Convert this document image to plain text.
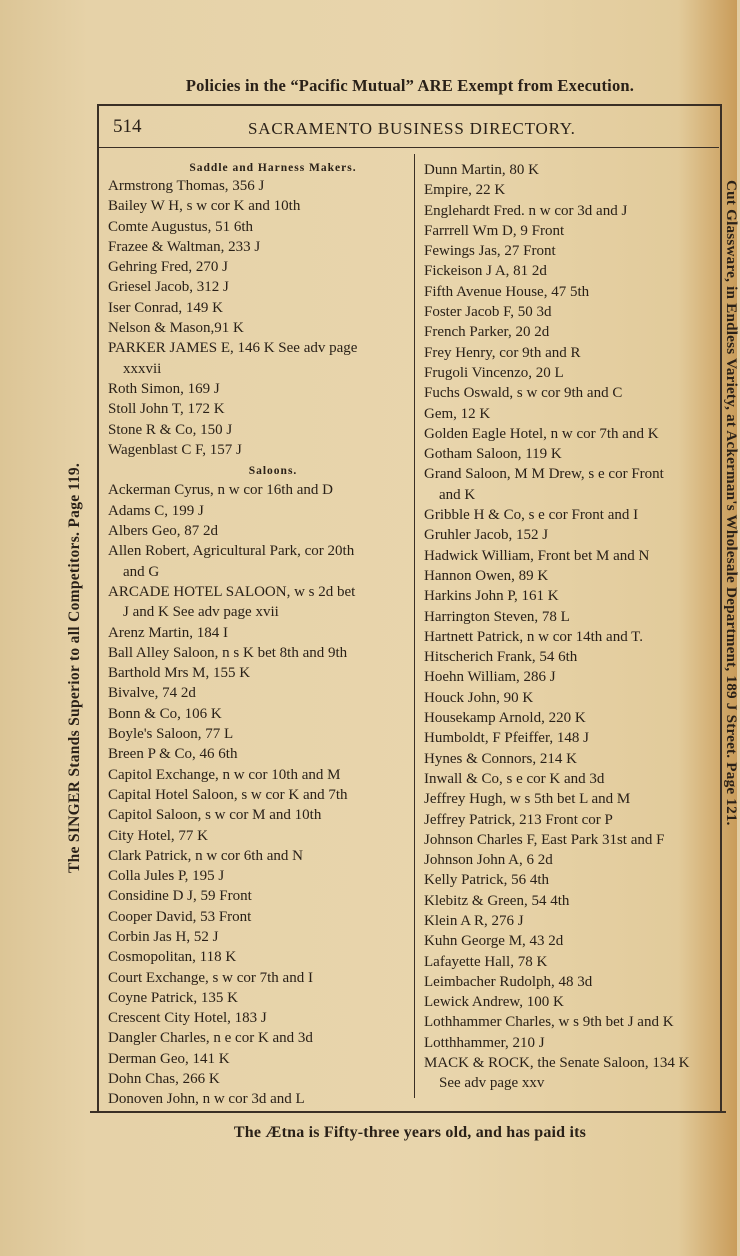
Policies in the “Pacific Mutual” ARE Exempt from Execution.
514	SACRAMENTO BUSINESS DIRECTORY.
Saddle and Harness Makers.
Armstrong Thomas, 356 J
Bailey W H, s w cor K and 10th
Comte Augustus, 51 6th
Frazee & Waltman, 233 J
Gehring Fred, 270 J
Griesel Jacob, 312 J
Iser Conrad, 149 K
Nelson & Mason,91 K
PARKER JAMES E, 146 K See adv page
xxxvii
Roth Simon, 169 J
Stoll John T, 172 K
Stone R & Co, 150 J
Wagenblast C F, 157 J
Saloons.
Ackerman Cyrus, n w cor 16th and D
Adams C, 199 J
Albers Geo, 87 2d
Allen Robert, Agricultural Park, cor 20th
and G
ARCADE HOTEL SALOON, w s 2d bet
J and K See adv page xvii
Arenz Martin, 184 I
Ball Alley Saloon, n s K bet 8th and 9th
Barthold Mrs M, 155 K
Bivalve, 74 2d
Bonn & Co, 106 K
Boyle's Saloon, 77 L
Breen P & Co, 46 6th
Capitol Exchange, n w cor 10th and M
Capital Hotel Saloon, s w cor K and 7th
Capitol Saloon, s w cor M and 10th
City Hotel, 77 K
Clark Patrick, n w cor 6th and N
Colla Jules P, 195 J
Considine D J, 59 Front
Cooper David, 53 Front
Corbin Jas H, 52 J
Cosmopolitan, 118 K
Court Exchange, s w cor 7th and I
Coyne Patrick, 135 K
Crescent City Hotel, 183 J
Dangler Charles, n e cor K and 3d
Derman Geo, 141 K
Dohn Chas, 266 K
Donoven John, n w cor 3d and L
Dunn Martin, 80 K
Empire, 22 K
Englehardt Fred. n w cor 3d and J
Farrrell Wm D, 9 Front
Fewings Jas, 27 Front
Fickeison J A, 81 2d
Fifth Avenue House, 47 5th
Foster Jacob F, 50 3d
French Parker, 20 2d
Frey Henry, cor 9th and R
Frugoli Vincenzo, 20 L
Fuchs Oswald, s w cor 9th and C
Gem, 12 K
Golden Eagle Hotel, n w cor 7th and K
Gotham Saloon, 119 K
Grand Saloon, M M Drew, s e cor Front
and K
Gribble H & Co, s e cor Front and I
Gruhler Jacob, 152 J
Hadwick William, Front bet M and N
Hannon Owen, 89 K
Harkins John P, 161 K
Harrington Steven, 78 L
Hartnett Patrick, n w cor 14th and T.
Hitscherich Frank, 54 6th
Hoehn William, 286 J
Houck John, 90 K
Housekamp Arnold, 220 K
Humboldt, F Pfeiffer, 148 J
Hynes & Connors, 214 K
Inwall & Co, s e cor K and 3d
Jeffrey Hugh, w s 5th bet L and M
Jeffrey Patrick, 213 Front cor P
Johnson Charles F, East Park 31st and F
Johnson John A, 6 2d
Kelly Patrick, 56 4th
Klebitz & Green, 54 4th
Klein A R, 276 J
Kuhn George M, 43 2d
Lafayette Hall, 78 K
Leimbacher Rudolph, 48 3d
Lewick Andrew, 100 K
Lothhammer Charles, w s 9th bet J and K
Lotthhammer, 210 J
MACK & ROCK, the Senate Saloon, 134 K
See adv page xxv
The SINGER Stands Superior to all Competitors. Page 119.	Cut Glassware, in Endless Variety, at Ackerman's Wholesale Department, 189 J Street. Page 121.
The Ætna is Fifty-three years old, and has paid its
